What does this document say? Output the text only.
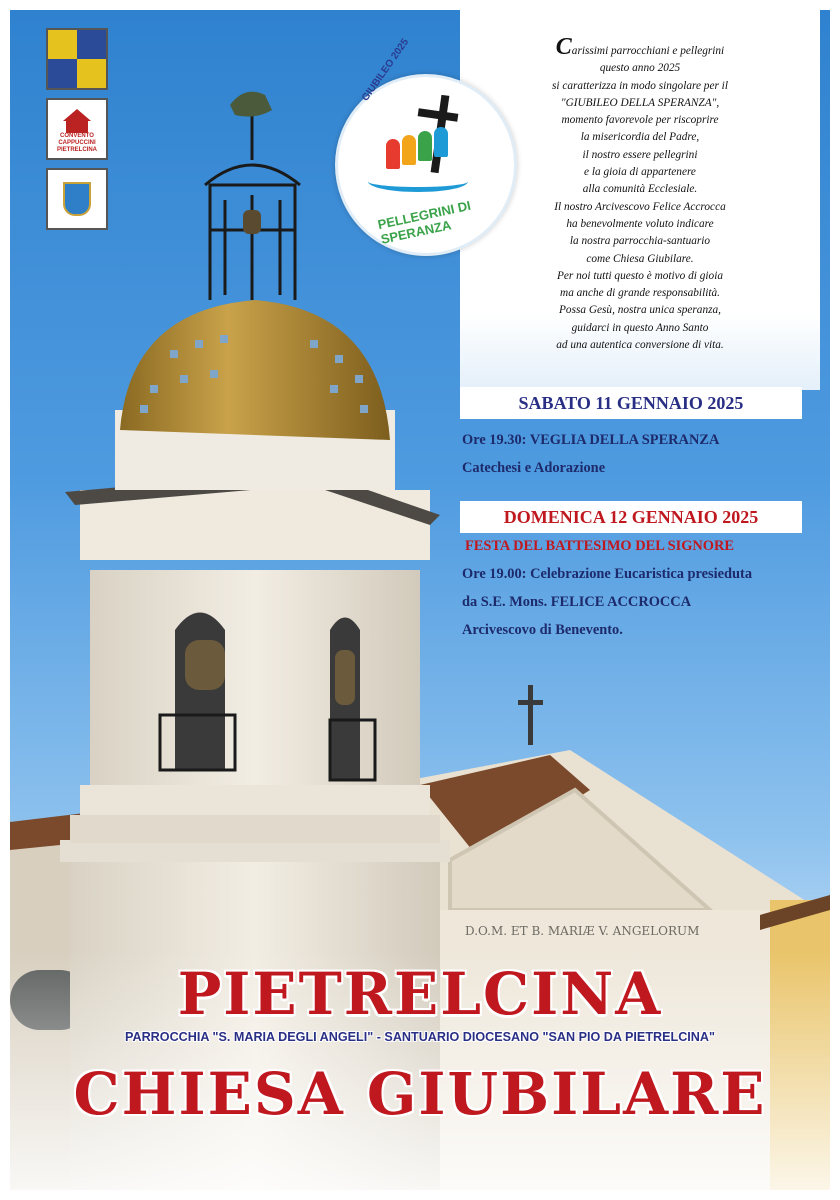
D.O.M. ET B. MARIÆ V. ANGELORUM
CONVENTO
CAPPUCCINI
PIETRELCINA
GIUBILEO 2025
PELLEGRINI DI SPERANZA
Carissimi parrocchiani e pellegrini
questo anno 2025
si caratterizza in modo singolare per il
"GIUBILEO DELLA SPERANZA",
momento favorevole per riscoprire
la misericordia del Padre,
il nostro essere pellegrini
e la gioia di appartenere
alla comunità Ecclesiale.
Il nostro Arcivescovo Felice Accrocca
ha benevolmente voluto indicare
la nostra parrocchia-santuario
come Chiesa Giubilare.
Per noi tutti questo è motivo di gioia
ma anche di grande responsabilità.
Possa Gesù, nostra unica speranza,
guidarci in questo Anno Santo
ad una autentica conversione di vita.
SABATO 11 GENNAIO 2025
Ore 19.30: VEGLIA DELLA SPERANZA
Catechesi e Adorazione
DOMENICA 12 GENNAIO 2025
FESTA DEL BATTESIMO DEL SIGNORE
Ore 19.00: Celebrazione Eucaristica presieduta
da S.E. Mons. FELICE ACCROCCA
Arcivescovo di Benevento.
PIETRELCINA
PARROCCHIA "S. MARIA DEGLI ANGELI" - SANTUARIO DIOCESANO "SAN PIO DA PIETRELCINA"
CHIESA GIUBILARE
